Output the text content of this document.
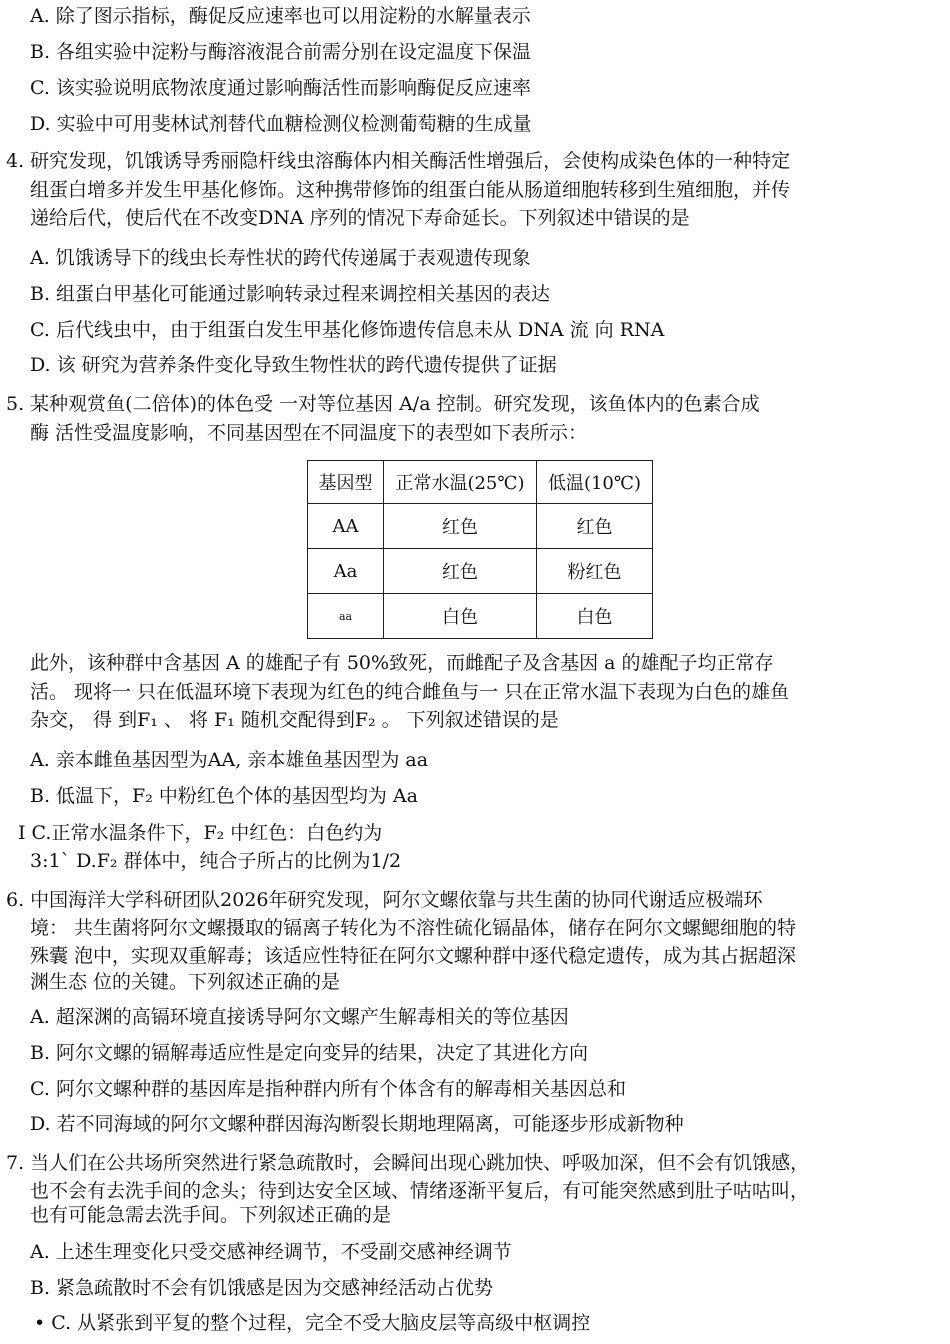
A. 除了图示指标，酶促反应速率也可以用淀粉的水解量表示
B. 各组实验中淀粉与酶溶液混合前需分别在设定温度下保温
C. 该实验说明底物浓度通过影响酶活性而影响酶促反应速率
D. 实验中可用斐林试剂替代血糖检测仪检测葡萄糖的生成量
4. 研究发现，饥饿诱导秀丽隐杆线虫溶酶体内相关酶活性增强后，会使构成染色体的一种特定
组蛋白增多并发生甲基化修饰。这种携带修饰的组蛋白能从肠道细胞转移到生殖细胞，并传
递给后代，使后代在不改变DNA 序列的情况下寿命延长。下列叙述中错误的是
A. 饥饿诱导下的线虫长寿性状的跨代传递属于表观遗传现象
B. 组蛋白甲基化可能通过影响转录过程来调控相关基因的表达
C. 后代线虫中，由于组蛋白发生甲基化修饰遗传信息未从 DNA 流 向 RNA
D. 该 研究为营养条件变化导致生物性状的跨代遗传提供了证据
5. 某种观赏鱼(二倍体)的体色受 一对等位基因 A/a 控制。研究发现，该鱼体内的色素合成
酶 活性受温度影响，不同基因型在不同温度下的表型如下表所示：
基因型	正常水温(25℃)	低温(10℃)
AA	红色	红色
Aa	红色	粉红色
aa	白色	白色
此外，该种群中含基因 A 的雄配子有 50%致死，而雌配子及含基因 a 的雄配子均正常存
活。 现将一 只在低温环境下表现为红色的纯合雌鱼与一 只在正常水温下表现为白色的雄鱼
杂交， 得 到F₁ 、 将 F₁ 随机交配得到F₂ 。 下列叙述错误的是
A. 亲本雌鱼基因型为AA, 亲本雄鱼基因型为 aa
B. 低温下，F₂ 中粉红色个体的基因型均为 Aa
I C.正常水温条件下，F₂ 中红色：白色约为
3:1` D.F₂ 群体中，纯合子所占的比例为1/2
6. 中国海洋大学科研团队2026年研究发现，阿尔文螺依靠与共生菌的协同代谢适应极端环
境： 共生菌将阿尔文螺摄取的镉离子转化为不溶性硫化镉晶体，储存在阿尔文螺鳃细胞的特
殊囊 泡中，实现双重解毒；该适应性特征在阿尔文螺种群中逐代稳定遗传，成为其占据超深
渊生态 位的关键。下列叙述正确的是
A. 超深渊的高镉环境直接诱导阿尔文螺产生解毒相关的等位基因
B. 阿尔文螺的镉解毒适应性是定向变异的结果，决定了其进化方向
C. 阿尔文螺种群的基因库是指种群内所有个体含有的解毒相关基因总和
D. 若不同海域的阿尔文螺种群因海沟断裂长期地理隔离，可能逐步形成新物种
7. 当人们在公共场所突然进行紧急疏散时，会瞬间出现心跳加快、呼吸加深，但不会有饥饿感，
也不会有去洗手间的念头；待到达安全区域、情绪逐渐平复后，有可能突然感到肚子咕咕叫，
也有可能急需去洗手间。下列叙述正确的是
A. 上述生理变化只受交感神经调节，不受副交感神经调节
B. 紧急疏散时不会有饥饿感是因为交感神经活动占优势
• C. 从紧张到平复的整个过程，完全不受大脑皮层等高级中枢调控
